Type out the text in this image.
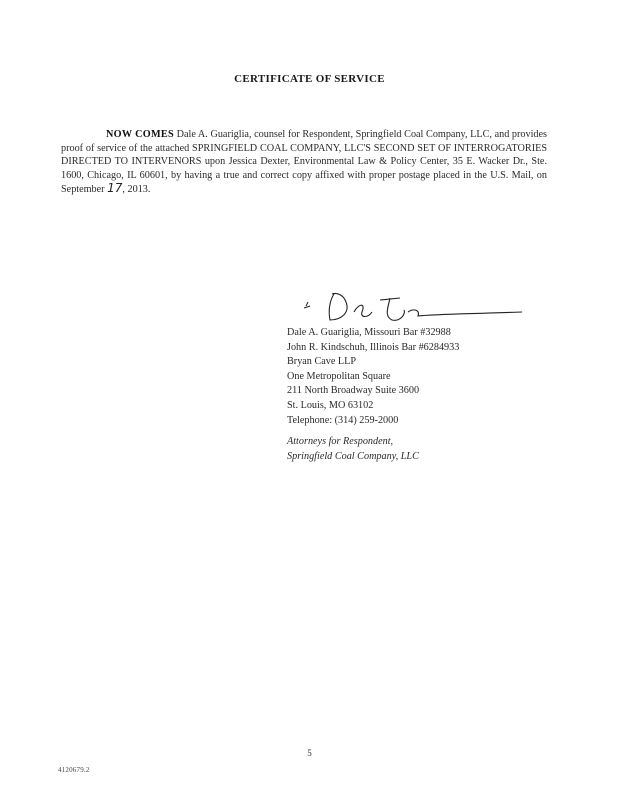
CERTIFICATE OF SERVICE
NOW COMES Dale A. Guariglia, counsel for Respondent, Springfield Coal Company, LLC, and provides proof of service of the attached SPRINGFIELD COAL COMPANY, LLC'S SECOND SET OF INTERROGATORIES DIRECTED TO INTERVENORS upon Jessica Dexter, Environmental Law & Policy Center, 35 E. Wacker Dr., Ste. 1600, Chicago, IL 60601, by having a true and correct copy affixed with proper postage placed in the U.S. Mail, on September 17, 2013.
Dale A. Guariglia, Missouri Bar #32988
John R. Kindschuh, Illinois Bar #6284933
Bryan Cave LLP
One Metropolitan Square
211 North Broadway Suite 3600
St. Louis, MO 63102
Telephone: (314) 259-2000
Attorneys for Respondent,
Springfield Coal Company, LLC
5
4120679.2
